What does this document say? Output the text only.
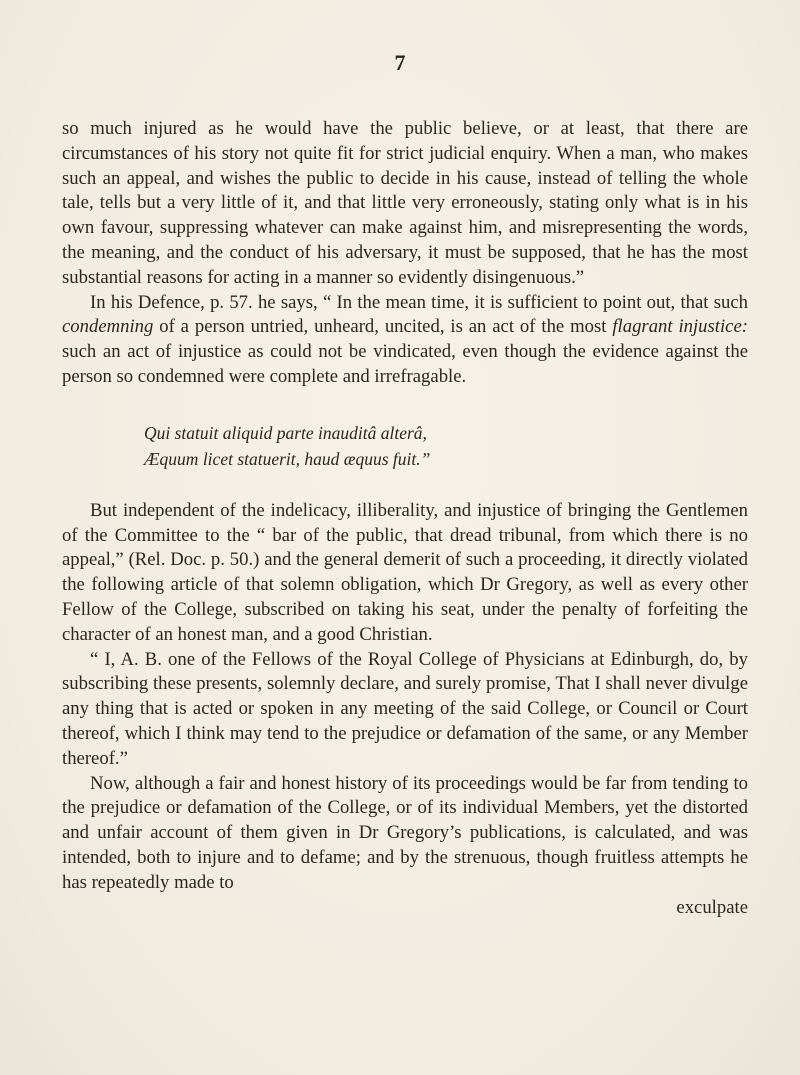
7

so much injured as he would have the public believe, or at least, that there are circumstances of his story not quite fit for strict judicial enquiry. When a man, who makes such an appeal, and wishes the public to decide in his cause, instead of telling the whole tale, tells but a very little of it, and that little very erroneously, stating only what is in his own favour, suppressing whatever can make against him, and misrepresenting the words, the meaning, and the conduct of his adversary, it must be supposed, that he has the most substantial reasons for acting in a manner so evidently disingenuous.”

In his Defence, p. 57. he says, “ In the mean time, it is sufficient to point out, that such condemning of a person untried, unheard, uncited, is an act of the most flagrant injustice: such an act of injustice as could not be vindicated, even though the evidence against the person so condemned were complete and irrefragable.

Qui statuit aliquid parte inauditâ alterâ,
Æquum licet statuerit, haud æquus fuit.”

But independent of the indelicacy, illiberality, and injustice of bringing the Gentlemen of the Committee to the “ bar of the public, that dread tribunal, from which there is no appeal,” (Rel. Doc. p. 50.) and the general demerit of such a proceeding, it directly violated the following article of that solemn obligation, which Dr Gregory, as well as every other Fellow of the College, subscribed on taking his seat, under the penalty of forfeiting the character of an honest man, and a good Christian.

“ I, A. B. one of the Fellows of the Royal College of Physicians at Edinburgh, do, by subscribing these presents, solemnly declare, and surely promise, That I shall never divulge any thing that is acted or spoken in any meeting of the said College, or Council or Court thereof, which I think may tend to the prejudice or defamation of the same, or any Member thereof.”

Now, although a fair and honest history of its proceedings would be far from tending to the prejudice or defamation of the College, or of its individual Members, yet the distorted and unfair account of them given in Dr Gregory’s publications, is calculated, and was intended, both to injure and to defame; and by the strenuous, though fruitless attempts he has repeatedly made to

exculpate
